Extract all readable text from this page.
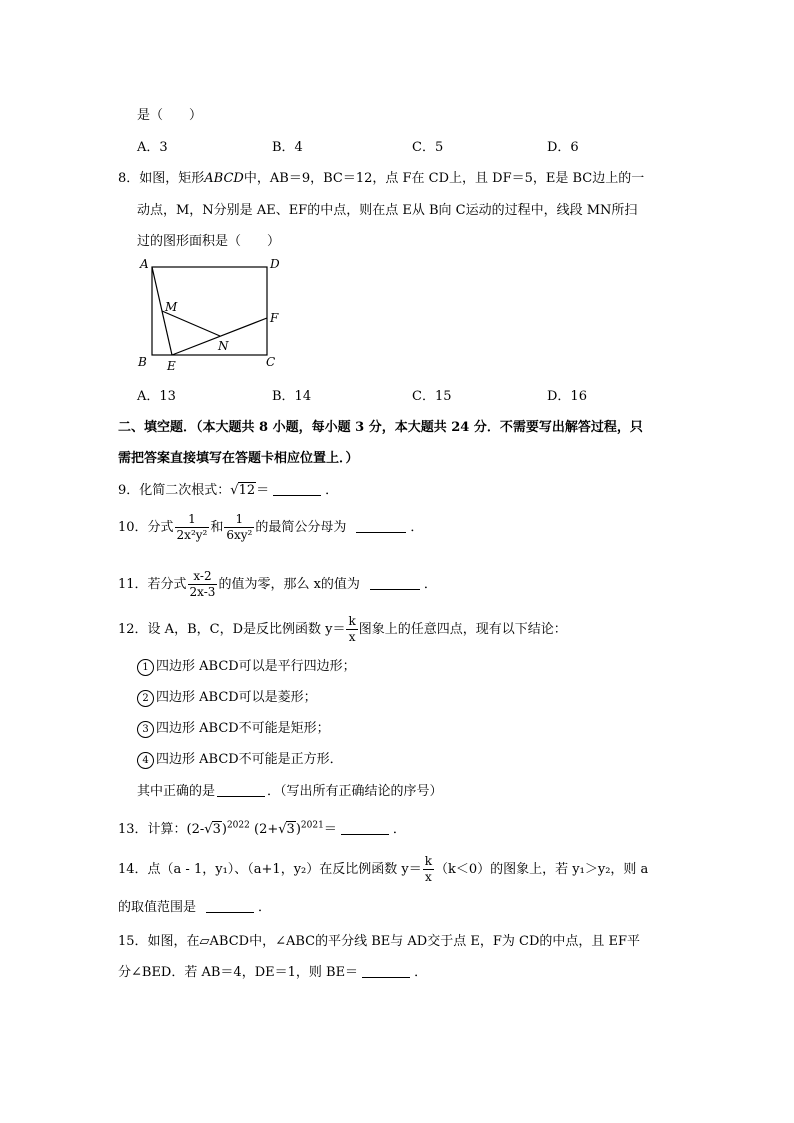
是（　　）
A．3	B．4	C．5	D．6
8．如图，矩形ABCD中，AB＝9，BC＝12，点 F在 CD上，且 DF＝5，E是 BC边上的一
动点，M，N分别是 AE、EF的中点，则在点 E从 B向 C运动的过程中，线段 MN所扫
过的图形面积是（　　）
A	D
M
F
N
B E	C
A．13	B．14	C．15	D．16
二、填空题．（本大题共 8 小题，每小题 3 分，本大题共 24 分．不需要写出解答过程，只
需把答案直接填写在答题卡相应位置上．）
9．化简二次根式：√12＝	．
10．分式 $\frac{1}{\text{2x²y²}}$ 和 $\frac{1}{\text{6xy²}}$ 的最简公分母为	．
11．若分式 $\frac{x-2}{2x-3}$ 的值为零，那么 x的值为	．
12．设 A，B，C，D是反比例函数 $y= \frac{k}{x}$ 图象上的任意四点，现有以下结论：
1 四边形 ABCD可以是平行四边形；
2 四边形 ABCD可以是菱形；
3 四边形 ABCD不可能是矩形；
4 四边形 ABCD不可能是正方形．
其中正确的是	．（写出所有正确结论的序号）
13．计算：$(2-√3)^{2022}$ $(2+√3)^{2021}=$	．
14．点（a - 1，y₁）、（a+1，y₂）在反比例函数 $y= \frac{k}{x} (k<0)$的图象上，若 y₁＞y₂，则 a
的取值范围是	．
15．如图，在▱ABCD中，∠ABC的平分线 BE与 AD交于点 E，F为 CD的中点，且 EF平
分∠BED．若 AB＝4，DE＝1，则 BE＝	．
